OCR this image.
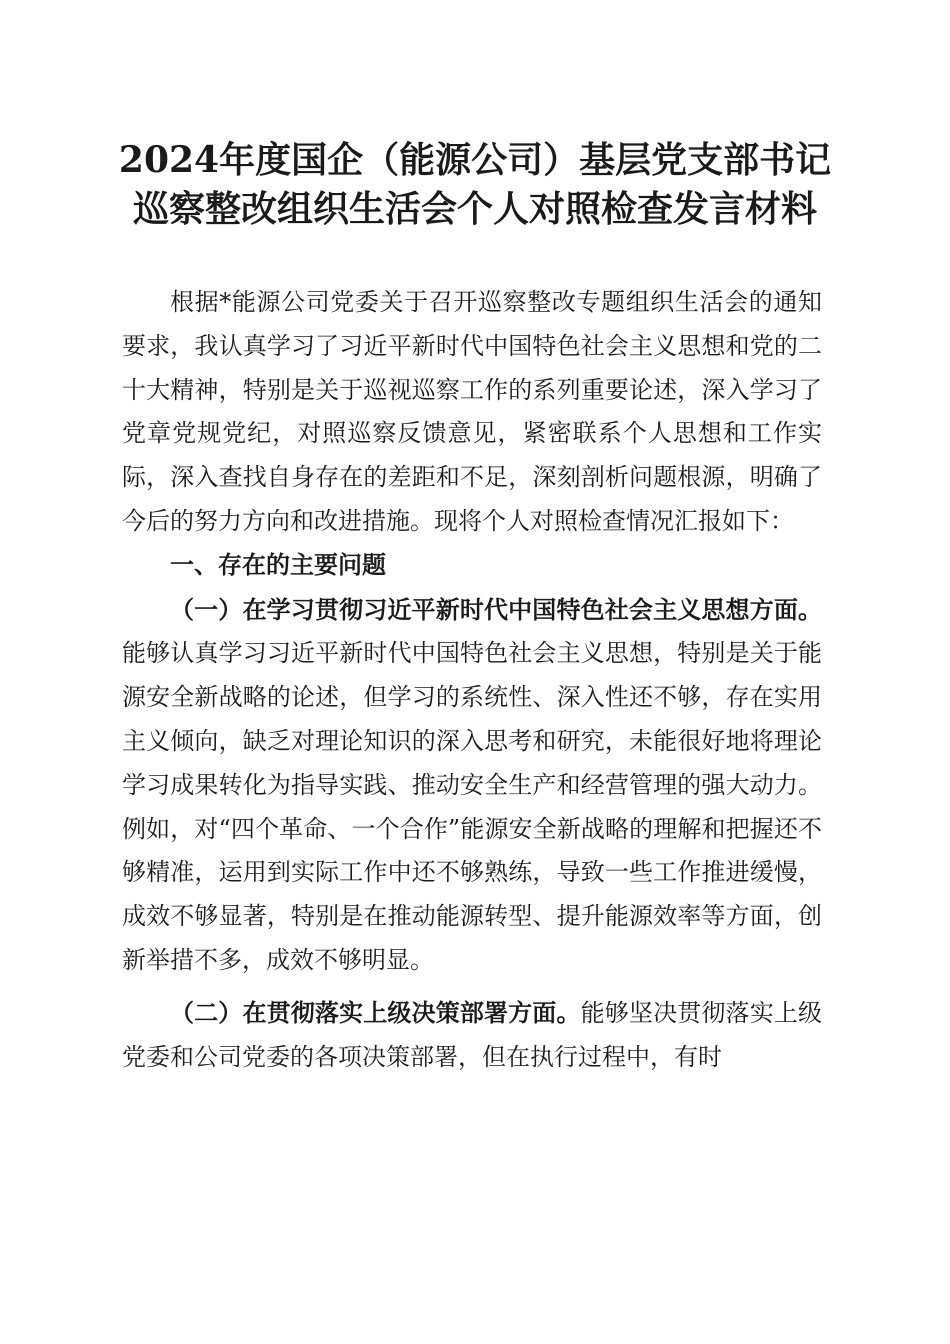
2024年度国企（能源公司）基层党支部书记
巡察整改组织生活会个人对照检查发言材料

根据*能源公司党委关于召开巡察整改专题组织生活会的通知要求，我认真学习了习近平新时代中国特色社会主义思想和党的二十大精神，特别是关于巡视巡察工作的系列重要论述，深入学习了党章党规党纪，对照巡察反馈意见，紧密联系个人思想和工作实际，深入查找自身存在的差距和不足，深刻剖析问题根源，明确了今后的努力方向和改进措施。现将个人对照检查情况汇报如下：

一、存在的主要问题

（一）在学习贯彻习近平新时代中国特色社会主义思想方面。能够认真学习习近平新时代中国特色社会主义思想，特别是关于能源安全新战略的论述，但学习的系统性、深入性还不够，存在实用主义倾向，缺乏对理论知识的深入思考和研究，未能很好地将理论学习成果转化为指导实践、推动安全生产和经营管理的强大动力。例如，对“四个革命、一个合作”能源安全新战略的理解和把握还不够精准，运用到实际工作中还不够熟练，导致一些工作推进缓慢，成效不够显著，特别是在推动能源转型、提升能源效率等方面，创新举措不多，成效不够明显。

（二）在贯彻落实上级决策部署方面。能够坚决贯彻落实上级党委和公司党委的各项决策部署，但在执行过程中，有时
